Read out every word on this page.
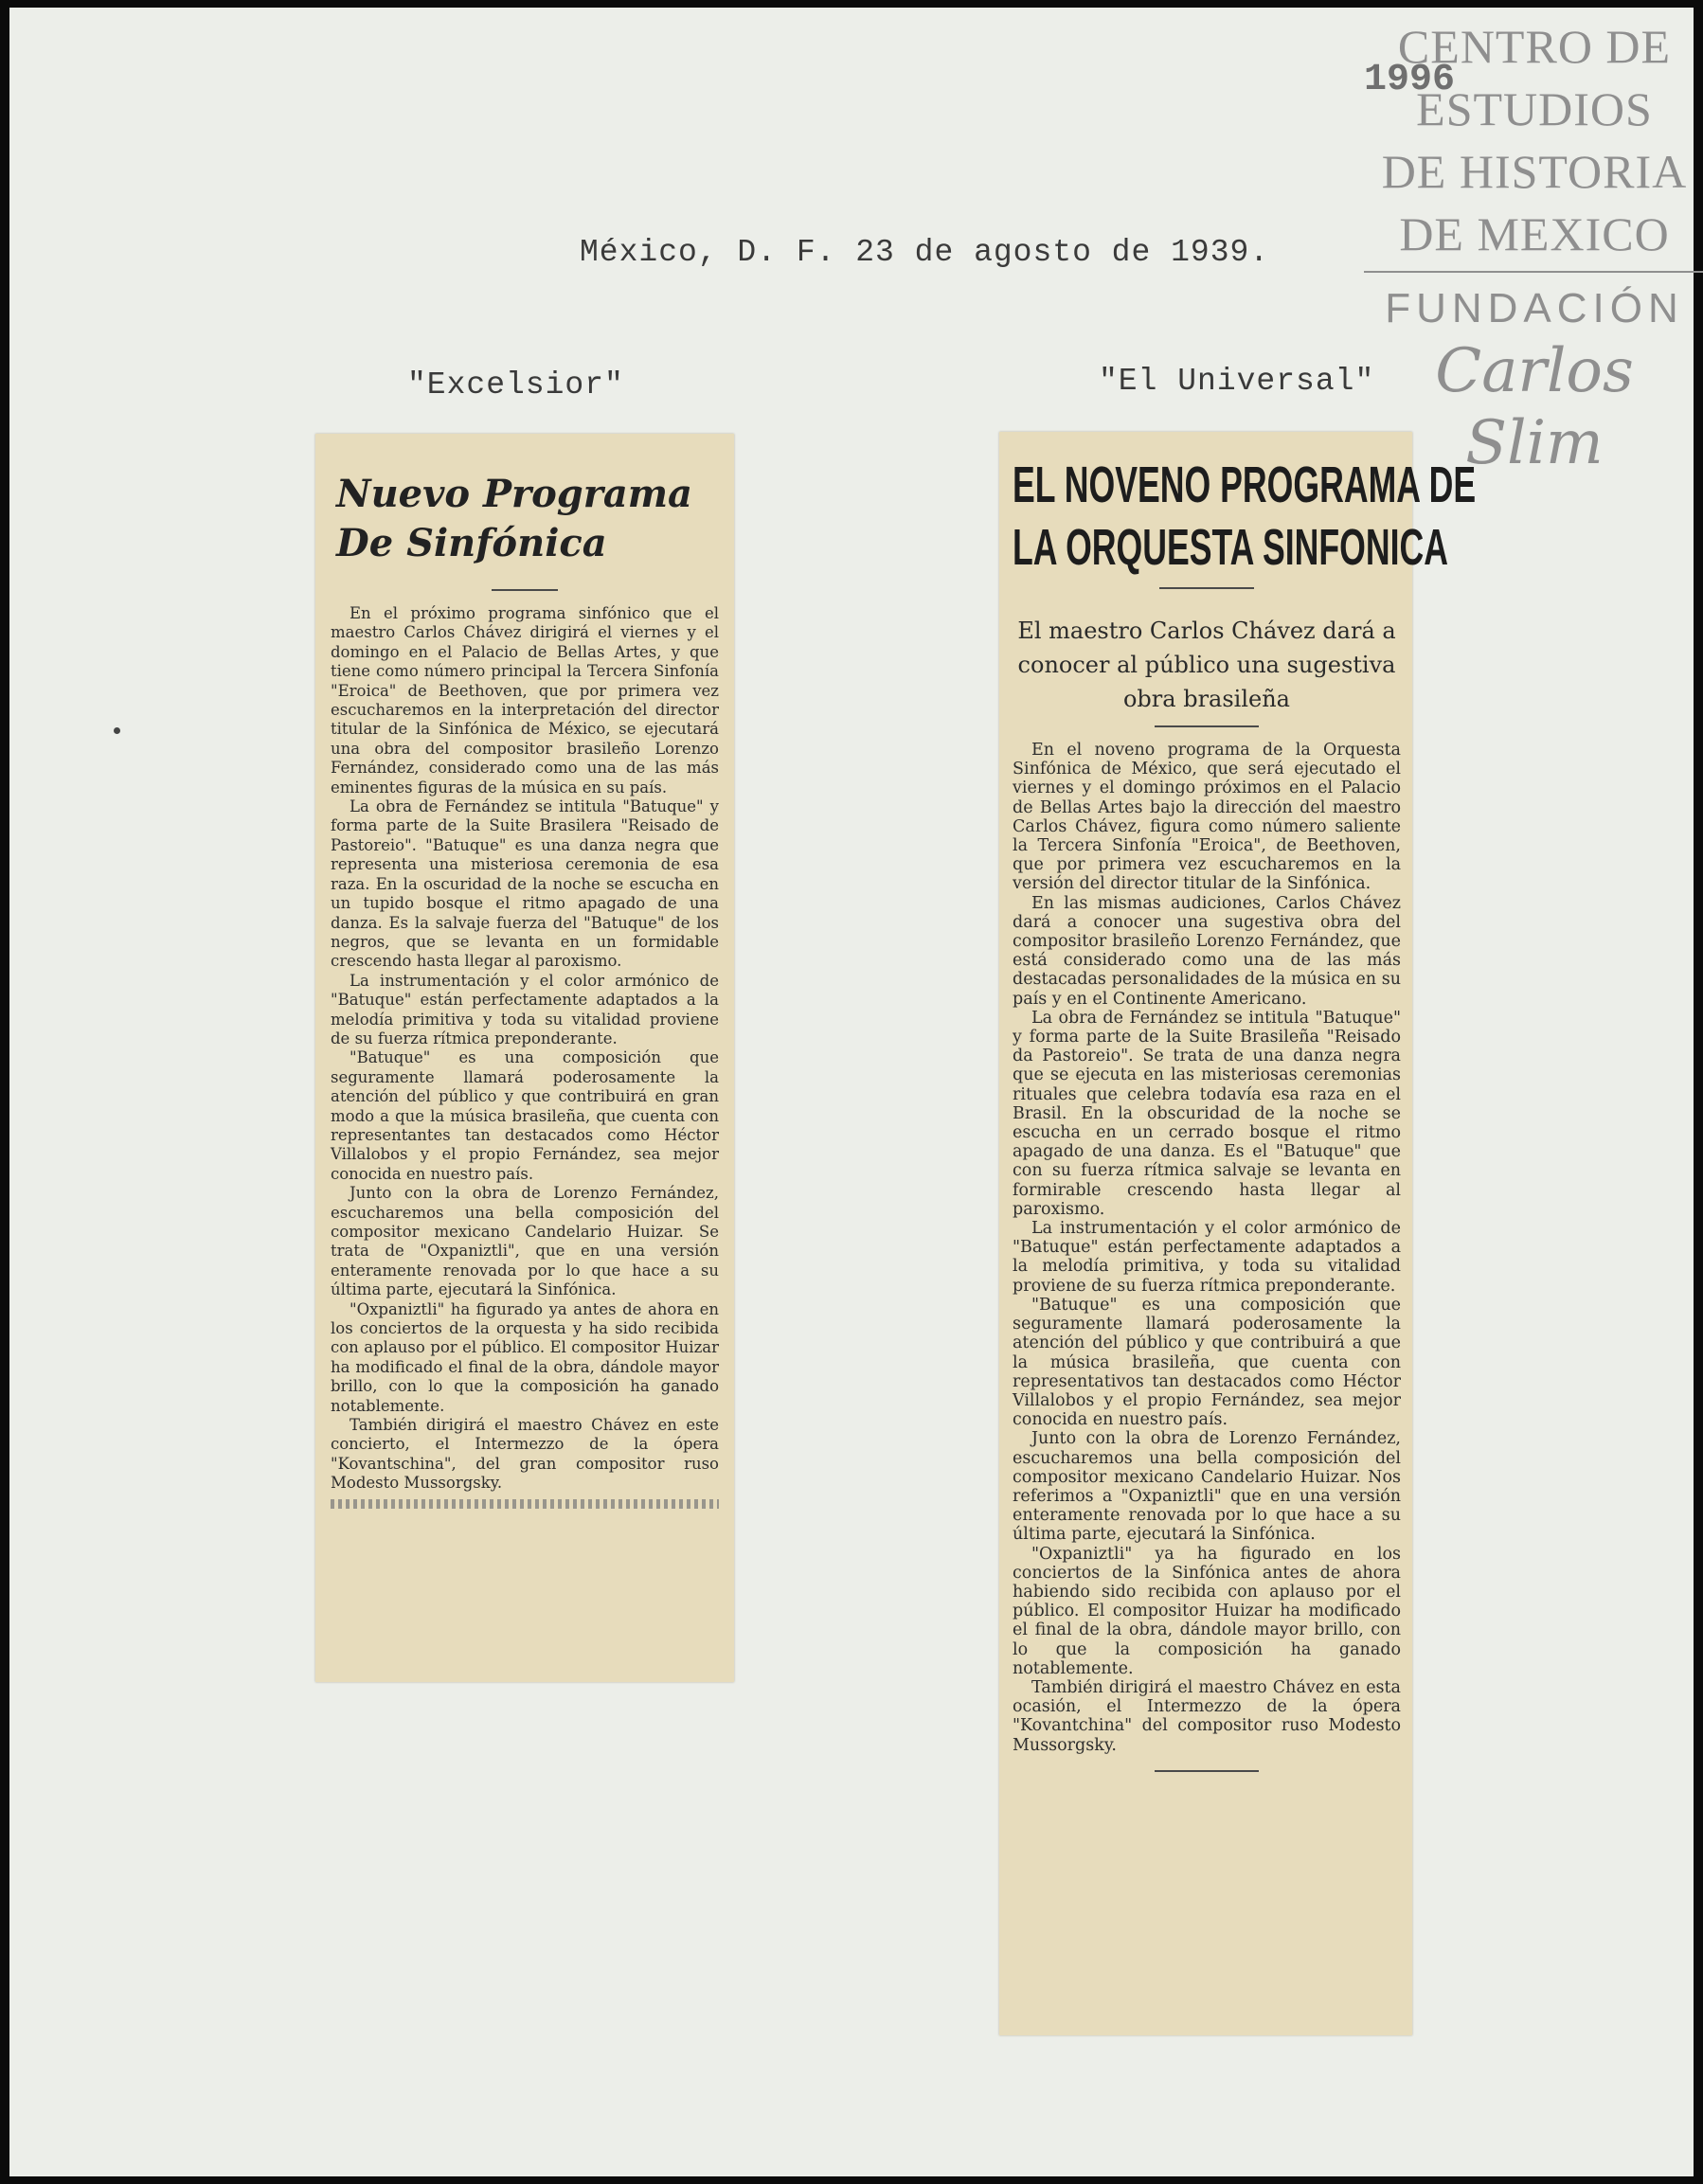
CENTRO DE
ESTUDIOS
DE HISTORIA
DE MEXICO
FUNDACIÓN
Carlos Slim
1996
México, D. F. 23 de agosto de 1939.
"Excelsior"	"El Universal"
Nuevo Programa
De Sinfónica

En el próximo programa sinfónico que el maestro Carlos Chávez dirigirá el viernes y el domingo en el Palacio de Bellas Artes, y que tiene como número principal la Tercera Sinfonía "Eroica" de Beethoven, que por primera vez escucharemos en la interpretación del director titular de la Sinfónica de México, se ejecutará una obra del compositor brasileño Lorenzo Fernández, considerado como una de las más eminentes figuras de la música en su país.

La obra de Fernández se intitula "Batuque" y forma parte de la Suite Brasilera "Reisado de Pastoreio". "Batuque" es una danza negra que representa una misteriosa ceremonia de esa raza. En la oscuridad de la noche se escucha en un tupido bosque el ritmo apagado de una danza. Es la salvaje fuerza del "Batuque" de los negros, que se levanta en un formidable crescendo hasta llegar al paroxismo.

La instrumentación y el color armónico de "Batuque" están perfectamente adaptados a la melodía primitiva y toda su vitalidad proviene de su fuerza rítmica preponderante.

"Batuque" es una composición que seguramente llamará poderosamente la atención del público y que contribuirá en gran modo a que la música brasileña, que cuenta con representantes tan destacados como Héctor Villalobos y el propio Fernández, sea mejor conocida en nuestro país.

Junto con la obra de Lorenzo Fernández, escucharemos una bella composición del compositor mexicano Candelario Huizar. Se trata de "Oxpaniztli", que en una versión enteramente renovada por lo que hace a su última parte, ejecutará la Sinfónica.

"Oxpaniztli" ha figurado ya antes de ahora en los conciertos de la orquesta y ha sido recibida con aplauso por el público. El compositor Huizar ha modificado el final de la obra, dándole mayor brillo, con lo que la composición ha ganado notablemente.

También dirigirá el maestro Chávez en este concierto, el Intermezzo de la ópera "Kovantschina", del gran compositor ruso Modesto Mussorgsky.

EL NOVENO PROGRAMA DE
LA ORQUESTA SINFONICA
El maestro Carlos Chávez dará a conocer al público una sugestiva obra brasileña

En el noveno programa de la Orquesta Sinfónica de México, que será ejecutado el viernes y el domingo próximos en el Palacio de Bellas Artes bajo la dirección del maestro Carlos Chávez, figura como número saliente la Tercera Sinfonía "Eroica", de Beethoven, que por primera vez escucharemos en la versión del director titular de la Sinfónica.

En las mismas audiciones, Carlos Chávez dará a conocer una sugestiva obra del compositor brasileño Lorenzo Fernández, que está considerado como una de las más destacadas personalidades de la música en su país y en el Continente Americano.

La obra de Fernández se intitula "Batuque" y forma parte de la Suite Brasileña "Reisado da Pastoreio". Se trata de una danza negra que se ejecuta en las misteriosas ceremonias rituales que celebra todavía esa raza en el Brasil. En la obscuridad de la noche se escucha en un cerrado bosque el ritmo apagado de una danza. Es el "Batuque" que con su fuerza rítmica salvaje se levanta en formirable crescendo hasta llegar al paroxismo.

La instrumentación y el color armónico de "Batuque" están perfectamente adaptados a la melodía primitiva, y toda su vitalidad proviene de su fuerza rítmica preponderante.

"Batuque" es una composición que seguramente llamará poderosamente la atención del público y que contribuirá a que la música brasileña, que cuenta con representativos tan destacados como Héctor Villalobos y el propio Fernández, sea mejor conocida en nuestro país.

Junto con la obra de Lorenzo Fernández, escucharemos una bella composición del compositor mexicano Candelario Huizar. Nos referimos a "Oxpaniztli" que en una versión enteramente renovada por lo que hace a su última parte, ejecutará la Sinfónica.

"Oxpaniztli" ya ha figurado en los conciertos de la Sinfónica antes de ahora habiendo sido recibida con aplauso por el público. El compositor Huizar ha modificado el final de la obra, dándole mayor brillo, con lo que la composición ha ganado notablemente.

También dirigirá el maestro Chávez en esta ocasión, el Intermezzo de la ópera "Kovantchina" del compositor ruso Modesto Mussorgsky.
